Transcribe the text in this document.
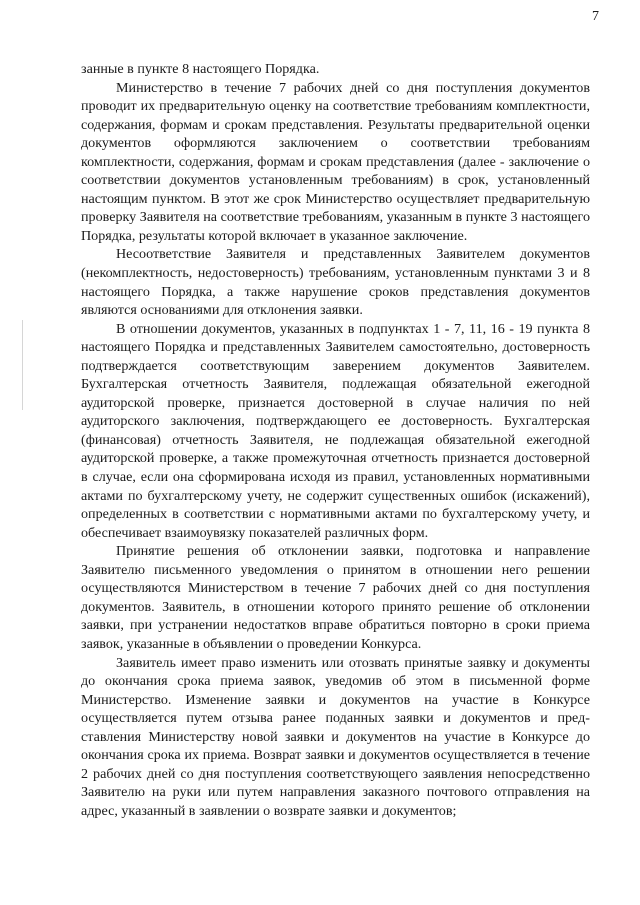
7

занные в пункте 8 настоящего Порядка.

Министерство в течение 7 рабочих дней со дня поступления документов проводит их предварительную оценку на соответствие требованиям комплектности, содержания, формам и срокам представления. Результаты предварительной оценки документов оформляются заключением о соответствии требованиям комплектности, содержания, формам и срокам представления (далее - заключение о соответствии документов установленным требованиям) в срок, установленный настоящим пунктом. В этот же срок Министерство осуществляет предварительную проверку Заявителя на соответствие требованиям, указанным в пункте 3 настоящего Порядка, результаты которой включает в указанное заключение.

Несоответствие Заявителя и представленных Заявителем документов (некомплектность, недостоверность) требованиям, установленным пунктами 3 и 8 настоящего Порядка, а также нарушение сроков представления документов являются основаниями для отклонения заявки.

В отношении документов, указанных в подпунктах 1 - 7, 11, 16 - 19 пункта 8 настоящего Порядка и представленных Заявителем самостоятельно, достоверность подтверждается соответствующим заверением документов Заявителем. Бухгалтерская отчетность Заявителя, подлежащая обязательной ежегодной аудиторской проверке, признается достоверной в случае наличия по ней аудиторского заключения, подтверждающего ее достоверность. Бухгалтерская (финансовая) отчетность Заявителя, не подлежащая обязательной ежегодной аудиторской проверке, а также промежуточная отчетность признается достоверной в случае, если она сформирована исходя из правил, установленных нормативными актами по бухгалтерскому учету, не содержит существенных ошибок (искажений), определенных в соответствии с нормативными актами по бухгалтерскому учету, и обеспечивает взаимоувязку показателей различных форм.

Принятие решения об отклонении заявки, подготовка и направление Заявителю письменного уведомления о принятом в отношении него решении осуществляются Министерством в течение 7 рабочих дней со дня поступления документов. Заявитель, в отношении которого принято решение об отклонении заявки, при устранении недостатков вправе обратиться повторно в сроки приема заявок, указанные в объявлении о проведении Конкурса.

Заявитель имеет право изменить или отозвать принятые заявку и документы до окончания срока приема заявок, уведомив об этом в письменной форме Министерство. Изменение заявки и документов на участие в Конкурсе осуществляется путем отзыва ранее поданных заявки и документов и представления Министерству новой заявки и документов на участие в Конкурсе до окончания срока их приема. Возврат заявки и документов осуществляется в течение 2 рабочих дней со дня поступления соответствующего заявления непосредственно Заявителю на руки или путем направления заказного почтового отправления на адрес, указанный в заявлении о возврате заявки и документов;
